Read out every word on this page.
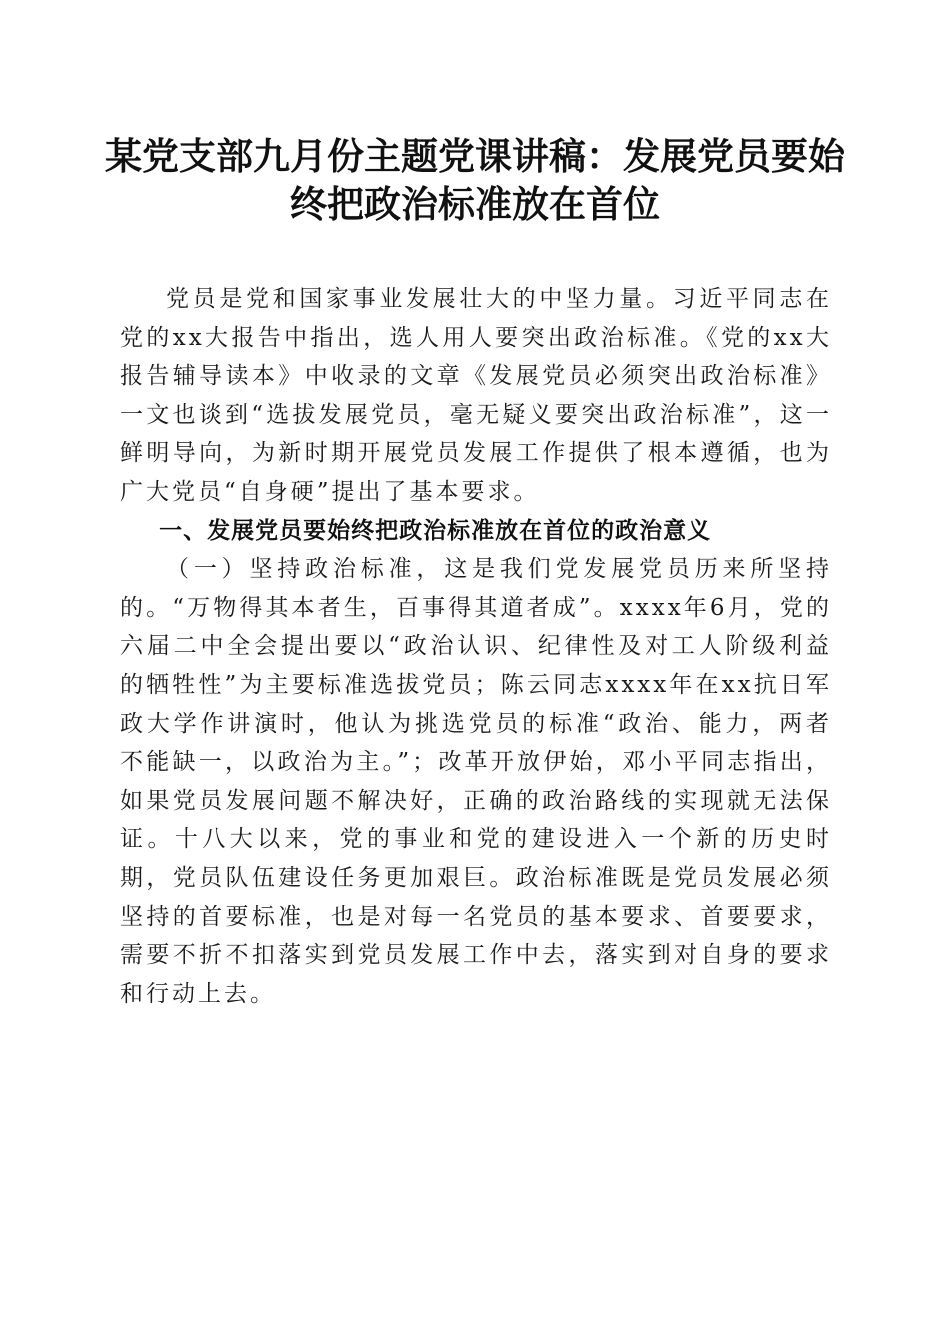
某党支部九月份主题党课讲稿：发展党员要始终把政治标准放在首位

党员是党和国家事业发展壮大的中坚力量。习近平同志在党的xx大报告中指出，选人用人要突出政治标准。《党的xx大报告辅导读本》中收录的文章《发展党员必须突出政治标准》一文也谈到“选拔发展党员，毫无疑义要突出政治标准”，这一鲜明导向，为新时期开展党员发展工作提供了根本遵循，也为广大党员“自身硬”提出了基本要求。

一、发展党员要始终把政治标准放在首位的政治意义

（一）坚持政治标准，这是我们党发展党员历来所坚持的。“万物得其本者生，百事得其道者成”。xxxx年6月，党的六届二中全会提出要以“政治认识、纪律性及对工人阶级利益的牺牲性”为主要标准选拔党员；陈云同志xxxx年在xx抗日军政大学作讲演时，他认为挑选党员的标准“政治、能力，两者不能缺一，以政治为主。”；改革开放伊始，邓小平同志指出，如果党员发展问题不解决好，正确的政治路线的实现就无法保证。十八大以来，党的事业和党的建设进入一个新的历史时期，党员队伍建设任务更加艰巨。政治标准既是党员发展必须坚持的首要标准，也是对每一名党员的基本要求、首要要求，需要不折不扣落实到党员发展工作中去，落实到对自身的要求和行动上去。
